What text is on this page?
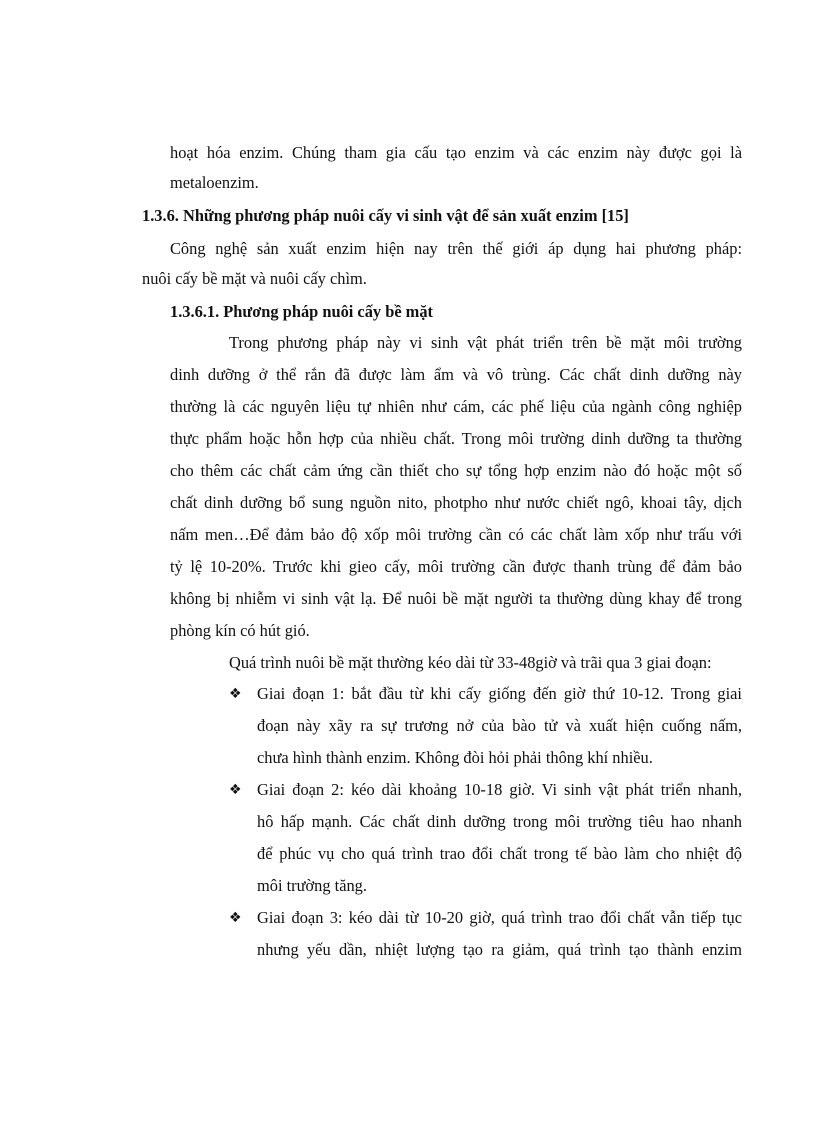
hoạt hóa enzim. Chúng tham gia cấu tạo enzim và các enzim này được gọi là
metaloenzim.
1.3.6. Những phương pháp nuôi cấy vi sinh vật để sản xuất enzim [15]
Công nghệ sản xuất enzim hiện nay trên thế giới áp dụng hai phương pháp:
nuôi cấy bề mặt và nuôi cấy chìm.
1.3.6.1. Phương pháp nuôi cấy bề mặt
Trong phương pháp này vi sinh vật phát triển trên bề mặt môi trường
dinh dưỡng ở thể rắn đã được làm ẩm và vô trùng. Các chất dinh dưỡng này
thường là các nguyên liệu tự nhiên như cám, các phế liệu của ngành công nghiệp
thực phẩm hoặc hỗn hợp của nhiều chất. Trong môi trường dinh dưỡng ta thường
cho thêm các chất cảm ứng cần thiết cho sự tổng hợp enzim nào đó hoặc một số
chất dinh dưỡng bổ sung nguồn nito, photpho như nước chiết ngô, khoai tây, dịch
nấm men…Để đảm bảo độ xốp môi trường cần có các chất làm xốp như trấu với
tỷ lệ 10-20%. Trước khi gieo cấy, môi trường cần được thanh trùng để đảm bảo
không bị nhiễm vi sinh vật lạ. Để nuôi bề mặt người ta thường dùng khay để trong
phòng kín có hút gió.
Quá trình nuôi bề mặt thường kéo dài từ 33-48giờ và trãi qua 3 giai đoạn:
❖ Giai đoạn 1: bắt đầu từ khi cấy giống đến giờ thứ 10-12. Trong giai
đoạn này xãy ra sự trương nở của bào tử và xuất hiện cuống nấm,
chưa hình thành enzim. Không đòi hỏi phải thông khí nhiều.
❖ Giai đoạn 2: kéo dài khoảng 10-18 giờ. Vi sinh vật phát triển nhanh,
hô hấp mạnh. Các chất dinh dưỡng trong môi trường tiêu hao nhanh
để phúc vụ cho quá trình trao đổi chất trong tế bào làm cho nhiệt độ
môi trường tăng.
❖ Giai đoạn 3: kéo dài từ 10-20 giờ, quá trình trao đổi chất vẫn tiếp tục
nhưng yếu dần, nhiệt lượng tạo ra giảm, quá trình tạo thành enzim
